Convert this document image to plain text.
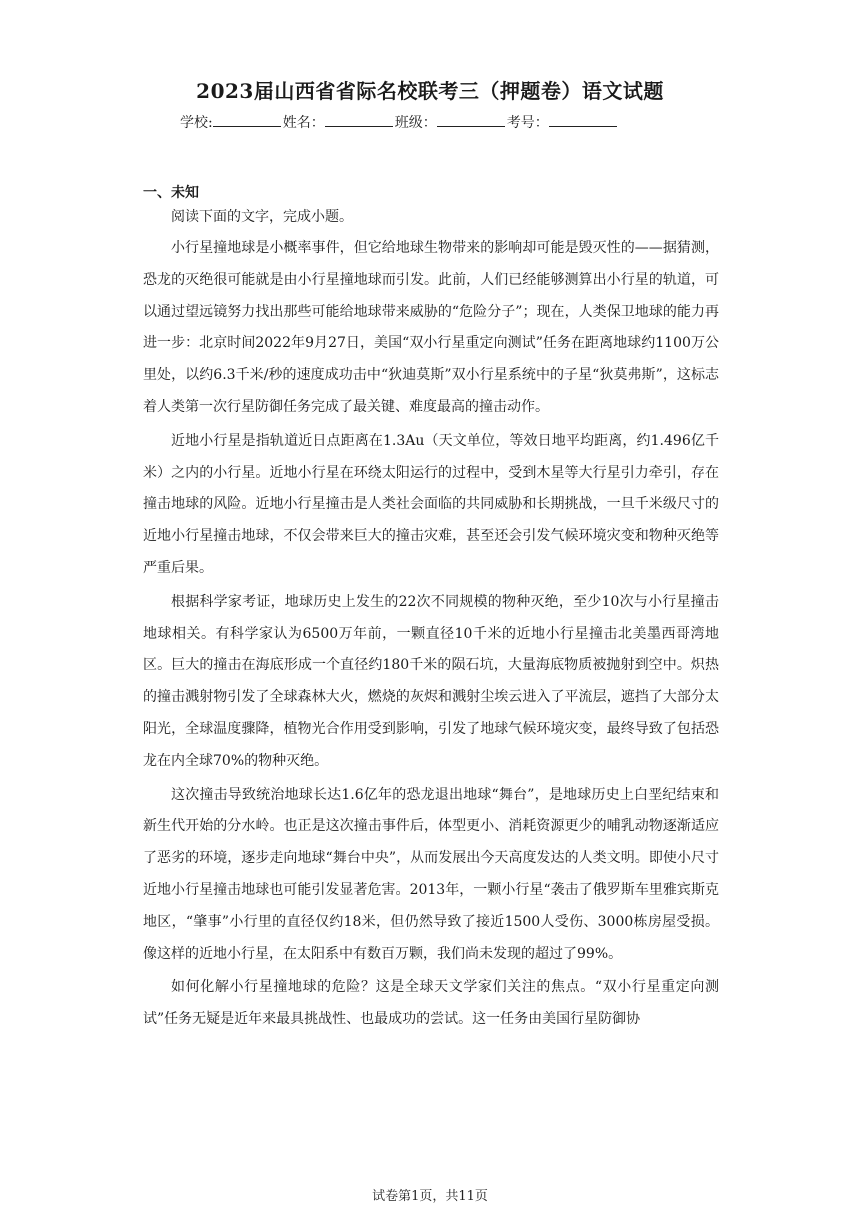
2023届山西省省际名校联考三（押题卷）语文试题
学校:	姓名：	班级：	考号：
一、未知

阅读下面的文字，完成小题。

小行星撞地球是小概率事件，但它给地球生物带来的影响却可能是毁灭性的——据猜测，恐龙的灭绝很可能就是由小行星撞地球而引发。此前，人们已经能够测算出小行星的轨道，可以通过望远镜努力找出那些可能给地球带来威胁的“危险分子”；现在，人类保卫地球的能力再进一步：北京时间2022年9月27日，美国“双小行星重定向测试”任务在距离地球约1100万公里处，以约6.3千米/秒的速度成功击中“狄迪莫斯”双小行星系统中的子星“狄莫弗斯”，这标志着人类第一次行星防御任务完成了最关键、难度最高的撞击动作。

近地小行星是指轨道近日点距离在1.3Au（天文单位，等效日地平均距离，约1.496亿千米）之内的小行星。近地小行星在环绕太阳运行的过程中，受到木星等大行星引力牵引，存在撞击地球的风险。近地小行星撞击是人类社会面临的共同威胁和长期挑战，一旦千米级尺寸的近地小行星撞击地球，不仅会带来巨大的撞击灾难，甚至还会引发气候环境灾变和物种灭绝等严重后果。

根据科学家考证，地球历史上发生的22次不同规模的物种灭绝，至少10次与小行星撞击地球相关。有科学家认为6500万年前，一颗直径10千米的近地小行星撞击北美墨西哥湾地区。巨大的撞击在海底形成一个直径约180千米的陨石坑，大量海底物质被抛射到空中。炽热的撞击溅射物引发了全球森林大火，燃烧的灰烬和溅射尘埃云进入了平流层，遮挡了大部分太阳光，全球温度骤降，植物光合作用受到影响，引发了地球气候环境灾变，最终导致了包括恐龙在内全球70%的物种灭绝。

这次撞击导致统治地球长达1.6亿年的恐龙退出地球“舞台”，是地球历史上白垩纪结束和新生代开始的分水岭。也正是这次撞击事件后，体型更小、消耗资源更少的哺乳动物逐渐适应了恶劣的环境，逐步走向地球“舞台中央”，从而发展出今天高度发达的人类文明。即使小尺寸近地小行星撞击地球也可能引发显著危害。2013年，一颗小行星“袭击了俄罗斯车里雅宾斯克地区，“肇事”小行里的直径仅约18米，但仍然导致了接近1500人受伤、3000栋房屋受损。像这样的近地小行星，在太阳系中有数百万颗，我们尚未发现的超过了99%。

如何化解小行星撞地球的危险？这是全球天文学家们关注的焦点。“双小行星重定向测试”任务无疑是近年来最具挑战性、也最成功的尝试。这一任务由美国行星防御协

试卷第1页，共11页
